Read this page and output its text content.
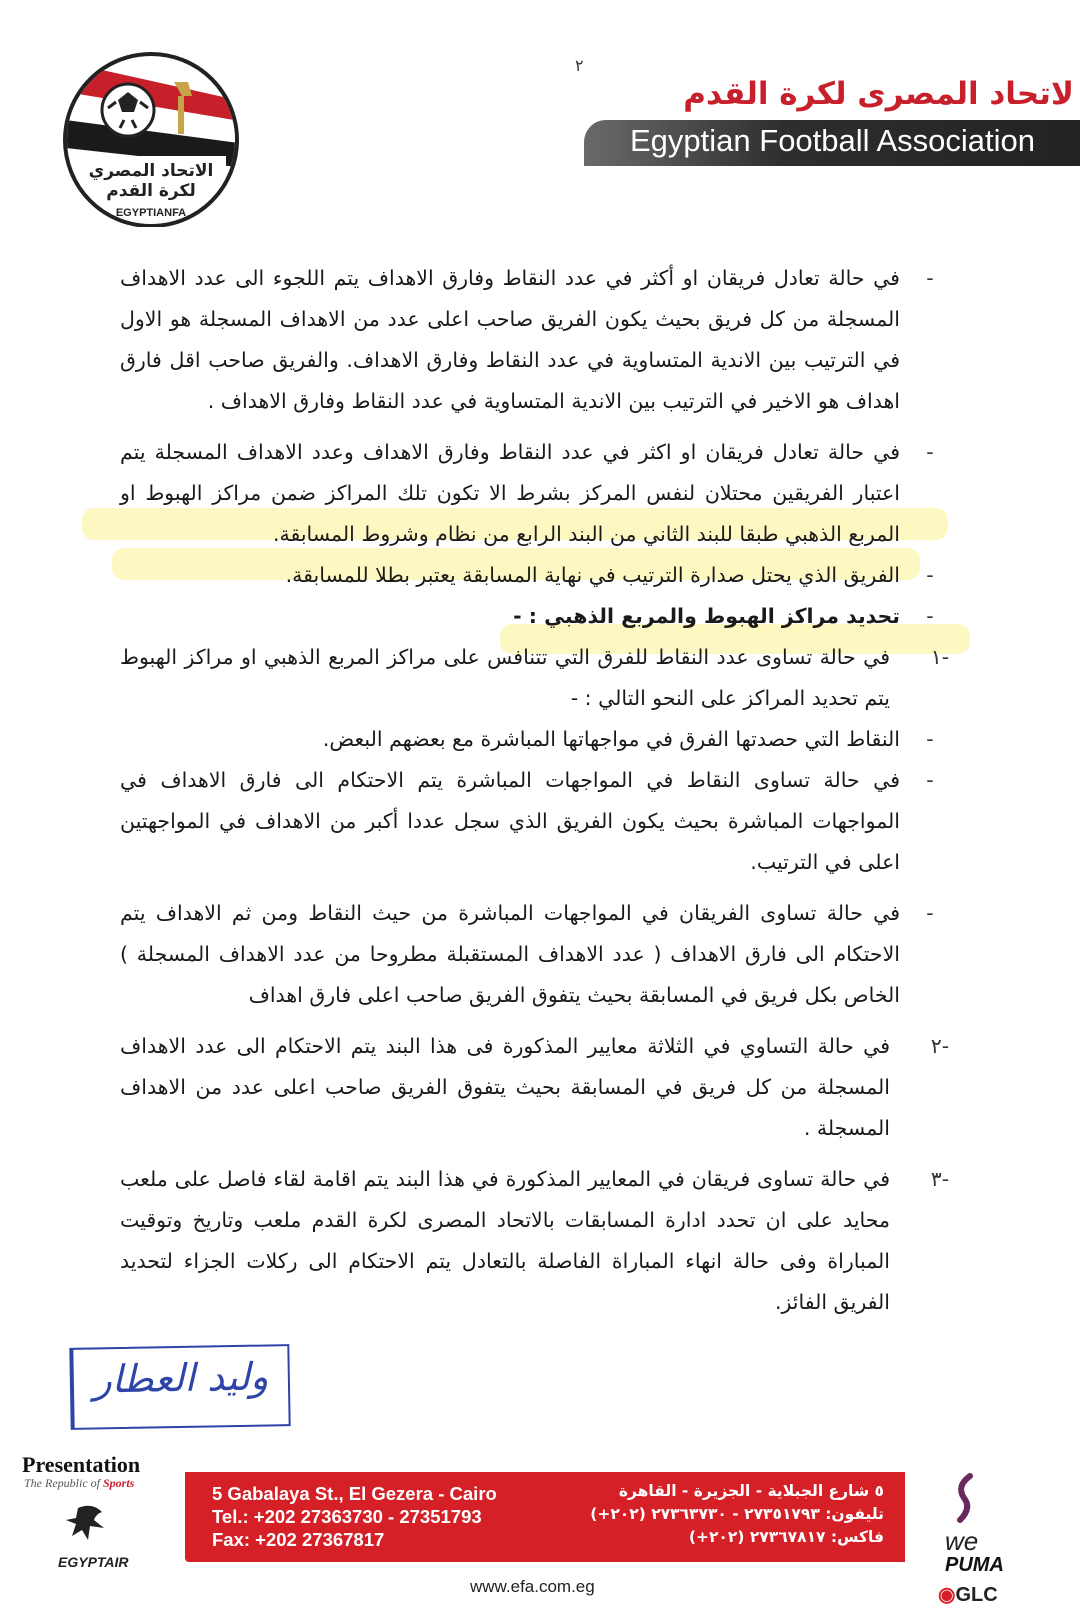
الاتحاد المصري
لكرة القدم
EGYPTIANFA
٢
لاتحاد المصرى لكرة القدم
Egyptian Football Association
-
في حالة تعادل فريقان او أكثر في عدد النقاط وفارق الاهداف يتم اللجوء الى عدد الاهداف المسجلة من كل فريق بحيث يكون الفريق صاحب اعلى عدد من الاهداف المسجلة هو الاول في الترتيب بين الاندية المتساوية في عدد النقاط وفارق الاهداف. والفريق صاحب اقل فارق اهداف هو الاخير في الترتيب بين الاندية المتساوية في عدد النقاط وفارق الاهداف .
-
في حالة تعادل فريقان او اكثر في عدد النقاط وفارق الاهداف وعدد الاهداف المسجلة يتم اعتبار الفريقين محتلان لنفس المركز بشرط الا تكون تلك المراكز ضمن مراكز الهبوط او المربع الذهبي طبقا للبند الثاني من البند الرابع من نظام وشروط المسابقة.
-
الفريق الذي يحتل صدارة الترتيب في نهاية المسابقة يعتبر بطلا للمسابقة.
-
تحديد مراكز الهبوط والمربع الذهبي : -
-١
في حالة تساوى عدد النقاط للفرق التي تتنافس على مراكز المربع الذهبي او مراكز الهبوط يتم تحديد المراكز على النحو التالي : -
-
النقاط التي حصدتها الفرق في مواجهاتها المباشرة مع بعضهم البعض.
-
في حالة تساوى النقاط في المواجهات المباشرة يتم الاحتكام الى فارق الاهداف في المواجهات المباشرة بحيث يكون الفريق الذي سجل عددا أكبر من الاهداف في المواجهتين اعلى في الترتيب.
-
في حالة تساوى الفريقان في المواجهات المباشرة من حيث النقاط ومن ثم الاهداف يتم الاحتكام الى فارق الاهداف ( عدد الاهداف المستقبلة مطروحا من عدد الاهداف المسجلة ) الخاص بكل فريق في المسابقة بحيث يتفوق الفريق صاحب اعلى فارق اهداف
-٢
في حالة التساوي في الثلاثة معايير المذكورة فى هذا البند يتم الاحتكام الى عدد الاهداف المسجلة من كل فريق في المسابقة بحيث يتفوق الفريق صاحب اعلى عدد من الاهداف المسجلة .
-٣
في حالة تساوى فريقان في المعايير المذكورة في هذا البند يتم اقامة لقاء فاصل على ملعب محايد على ان تحدد ادارة المسابقات بالاتحاد المصرى لكرة القدم ملعب وتاريخ وتوقيت المباراة وفى حالة انهاء المباراة الفاصلة بالتعادل يتم الاحتكام الى ركلات الجزاء لتحديد الفريق الفائز.
وليد العطار
Presentation
The Republic of Sports
EGYPTAIR
5 Gabalaya St., El Gezera - Cairo
Tel.: +202 27363730 - 27351793
Fax: +202 27367817
٥ شارع الجبلاية - الجزيرة - القاهرة
تليفون: ٢٧٣٥١٧٩٣ - ٢٧٣٦٣٧٣٠ (٢٠٢+)
فاكس: ٢٧٣٦٧٨١٧ (٢٠٢+)
www.efa.com.eg
we
PUMA
◉GLC
